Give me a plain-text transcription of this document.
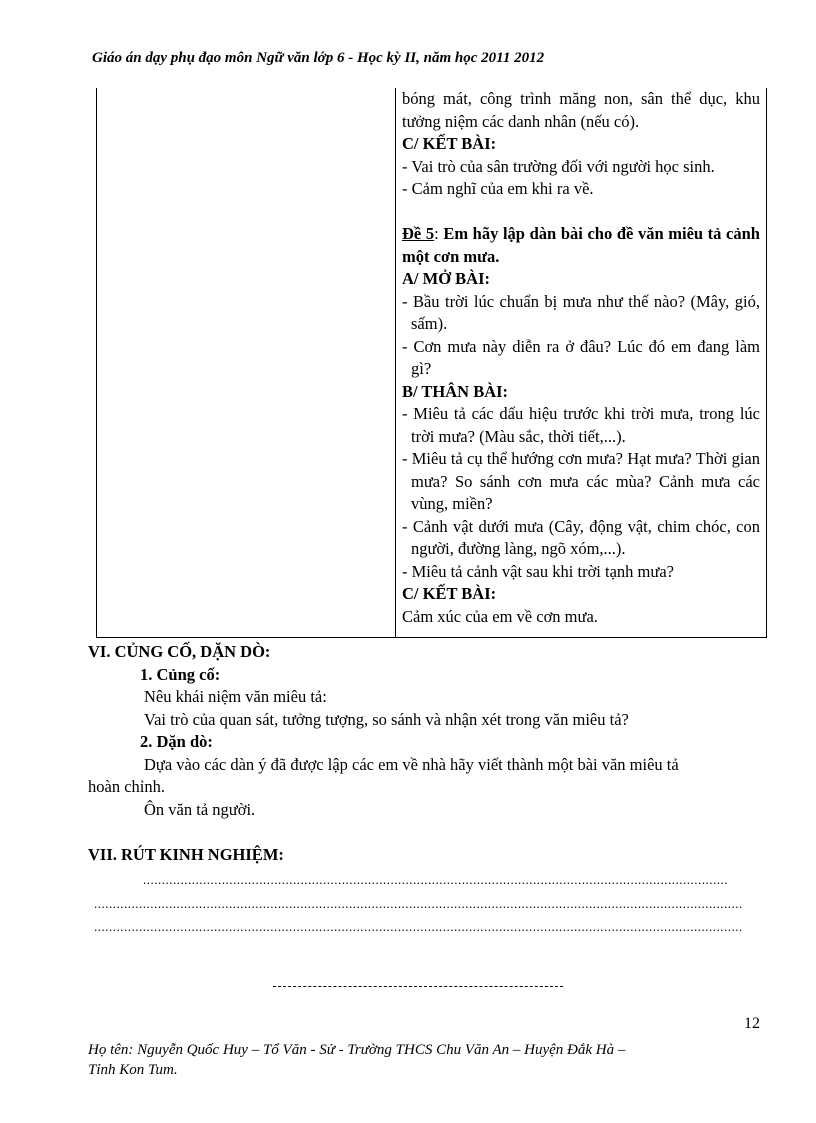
Giáo án dạy phụ đạo môn Ngữ văn lớp 6 - Học kỳ II, năm học 2011 2012

bóng mát, công trình măng non, sân thể dục, khu tưởng niệm các danh nhân (nếu có).

C/ KẾT BÀI:

- Vai trò của sân trường đối với người học sinh.

- Cảm nghĩ của em khi ra về.

Đề 5: Em hãy lập dàn bài cho đề văn miêu tả cảnh một cơn mưa.

A/ MỞ BÀI:

- Bầu trời lúc chuẩn bị mưa như thế nào? (Mây, gió, sấm).

- Cơn mưa này diễn ra ở đâu? Lúc đó em đang làm gì?

B/ THÂN BÀI:

- Miêu tả các dấu hiệu trước khi trời mưa, trong lúc trời mưa? (Màu sắc, thời tiết,...).

- Miêu tả cụ thể hướng cơn mưa? Hạt mưa? Thời gian mưa? So sánh cơn mưa các mùa? Cảnh mưa các vùng, miền?

- Cảnh vật dưới mưa (Cây, động vật, chim chóc, con người, đường làng, ngõ xóm,...).

- Miêu tả cảnh vật sau khi trời tạnh mưa?

C/ KẾT BÀI:

Cảm xúc của em về cơn mưa.

VI. CỦNG CỐ, DẶN DÒ:

1. Củng cố:

Nêu khái niệm văn miêu tả:

Vai trò của quan sát, tưởng tượng, so sánh và nhận xét trong văn miêu tả?

2. Dặn dò:

Dựa vào các dàn ý đã được lập các em về nhà hãy viết thành một bài văn miêu tả

hoàn chỉnh.

Ôn văn tả người.

VII. RÚT KINH NGHIỆM:

............................................................................................................................................................
.............................................................................................................................................................................
.............................................................................................................................................................................
12
Họ tên: Nguyễn Quốc Huy – Tổ Văn - Sử - Trường THCS Chu Văn An – Huyện Đắk Hà –
Tỉnh Kon Tum.
